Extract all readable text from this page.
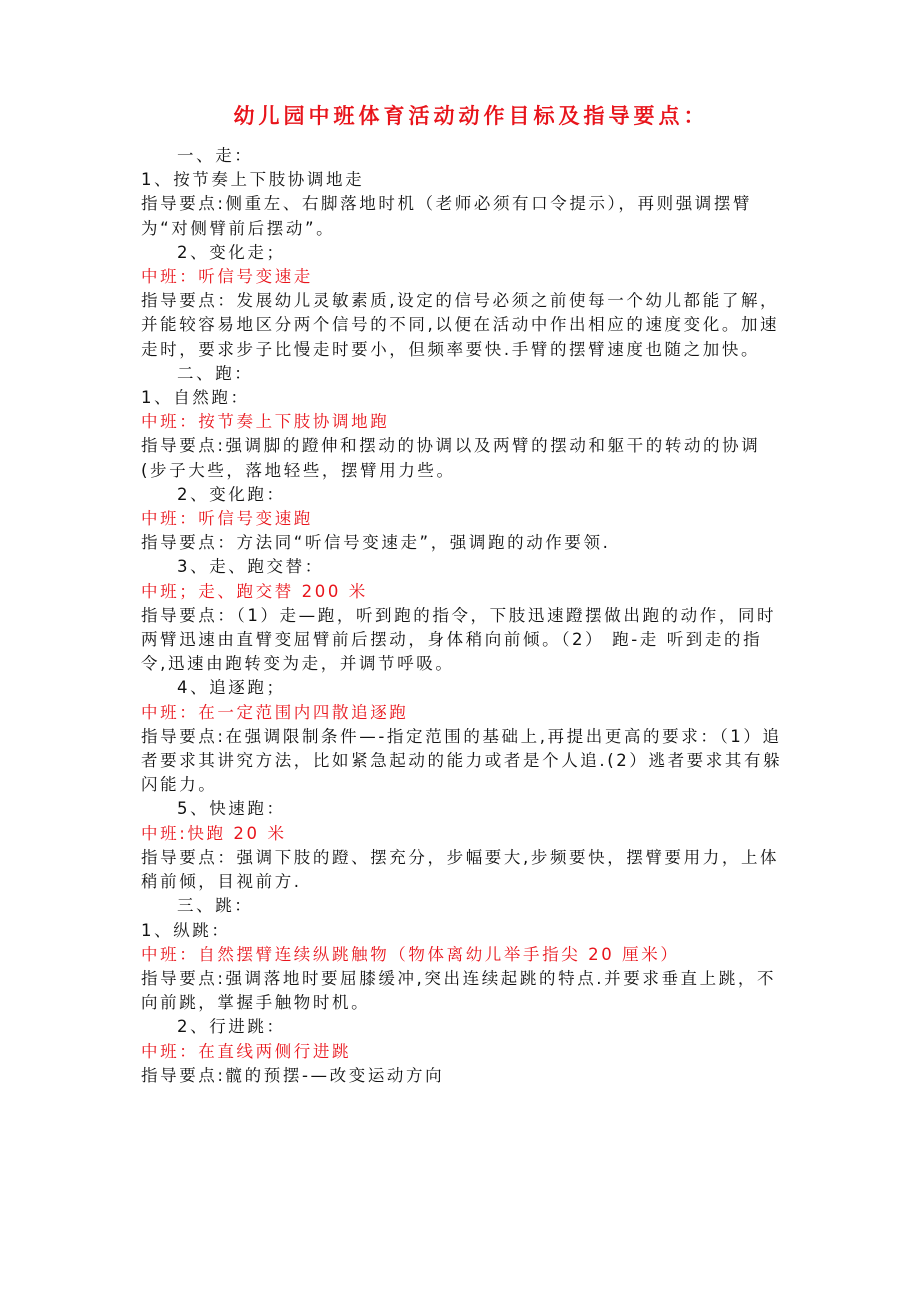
幼儿园中班体育活动动作目标及指导要点：

一、走：

1、按节奏上下肢协调地走

指导要点:侧重左、右脚落地时机（老师必须有口令提示），再则强调摆臂为“对侧臂前后摆动”。

2、变化走；

中班：听信号变速走

指导要点：发展幼儿灵敏素质,设定的信号必须之前使每一个幼儿都能了解，并能较容易地区分两个信号的不同,以便在活动中作出相应的速度变化。加速走时，要求步子比慢走时要小，但频率要快.手臂的摆臂速度也随之加快。

二、跑：

1、自然跑：

中班：按节奏上下肢协调地跑

指导要点:强调脚的蹬伸和摆动的协调以及两臂的摆动和躯干的转动的协调(步子大些，落地轻些，摆臂用力些。

2、变化跑：

中班：听信号变速跑

指导要点：方法同“听信号变速走”，强调跑的动作要领.

3、走、跑交替：

中班；走、跑交替 200 米

指导要点：（1）走—跑，听到跑的指令，下肢迅速蹬摆做出跑的动作，同时两臂迅速由直臂变屈臂前后摆动，身体稍向前倾。（2） 跑-走 听到走的指令,迅速由跑转变为走，并调节呼吸。

4、追逐跑；

中班：在一定范围内四散追逐跑

指导要点:在强调限制条件—-指定范围的基础上,再提出更高的要求：（1）追者要求其讲究方法，比如紧急起动的能力或者是个人追.(2）逃者要求其有躲闪能力。

5、快速跑：

中班:快跑 20 米

指导要点：强调下肢的蹬、摆充分，步幅要大,步频要快，摆臂要用力，上体稍前倾，目视前方.

三、跳：

1、纵跳：

中班：自然摆臂连续纵跳触物（物体离幼儿举手指尖 20 厘米）

指导要点:强调落地时要屈膝缓冲,突出连续起跳的特点.并要求垂直上跳，不向前跳，掌握手触物时机。

2、行进跳：

中班：在直线两侧行进跳

指导要点:髋的预摆-—改变运动方向
